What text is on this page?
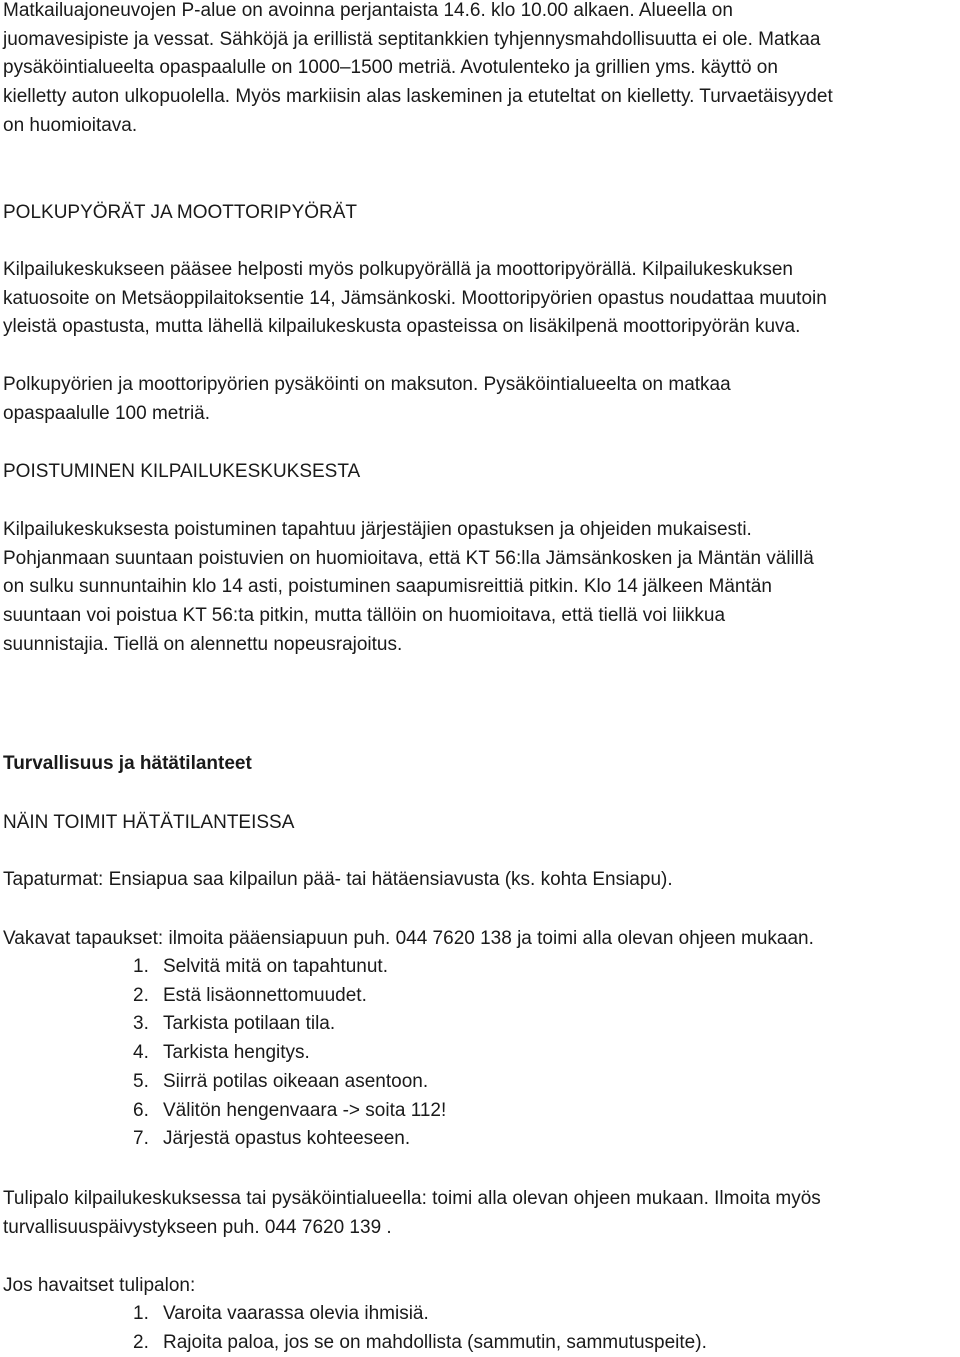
Matkailuajoneuvojen P-alue on avoinna perjantaista 14.6. klo 10.00 alkaen. Alueella on
juomavesipiste ja vessat. Sähköjä ja erillistä septitankkien tyhjennysmahdollisuutta ei ole. Matkaa
pysäköintialueelta opaspaalulle on 1000–1500 metriä. Avotulenteko ja grillien yms. käyttö on
kielletty auton ulkopuolella. Myös markiisin alas laskeminen ja etuteltat on kielletty. Turvaetäisyydet
on huomioitava.
POLKUPYÖRÄT JA MOOTTORIPYÖRÄT
Kilpailukeskukseen pääsee helposti myös polkupyörällä ja moottoripyörällä. Kilpailukeskuksen
katuosoite on Metsäoppilaitoksentie 14, Jämsänkoski. Moottoripyörien opastus noudattaa muutoin
yleistä opastusta, mutta lähellä kilpailukeskusta opasteissa on lisäkilpenä moottoripyörän kuva.
Polkupyörien ja moottoripyörien pysäköinti on maksuton. Pysäköintialueelta on matkaa
opaspaalulle 100 metriä.
POISTUMINEN KILPAILUKESKUKSESTA
Kilpailukeskuksesta poistuminen tapahtuu järjestäjien opastuksen ja ohjeiden mukaisesti.
Pohjanmaan suuntaan poistuvien on huomioitava, että KT 56:lla Jämsänkosken ja Mäntän välillä
on sulku sunnuntaihin klo 14 asti, poistuminen saapumisreittiä pitkin. Klo 14 jälkeen Mäntän
suuntaan voi poistua KT 56:ta pitkin, mutta tällöin on huomioitava, että tiellä voi liikkua
suunnistajia. Tiellä on alennettu nopeusrajoitus.
Turvallisuus ja hätätilanteet
NÄIN TOIMIT HÄTÄTILANTEISSA
Tapaturmat: Ensiapua saa kilpailun pää- tai hätäensiavusta (ks. kohta Ensiapu).
Vakavat tapaukset: ilmoita pääensiapuun puh. 044 7620 138 ja toimi alla olevan ohjeen mukaan.
1. Selvitä mitä on tapahtunut.
2. Estä lisäonnettomuudet.
3. Tarkista potilaan tila.
4. Tarkista hengitys.
5. Siirrä potilas oikeaan asentoon.
6. Välitön hengenvaara -> soita 112!
7. Järjestä opastus kohteeseen.
Tulipalo kilpailukeskuksessa tai pysäköintialueella: toimi alla olevan ohjeen mukaan. Ilmoita myös
turvallisuuspäivystykseen puh. 044 7620 139 .
Jos havaitset tulipalon:
1. Varoita vaarassa olevia ihmisiä.
2. Rajoita paloa, jos se on mahdollista (sammutin, sammutuspeite).
